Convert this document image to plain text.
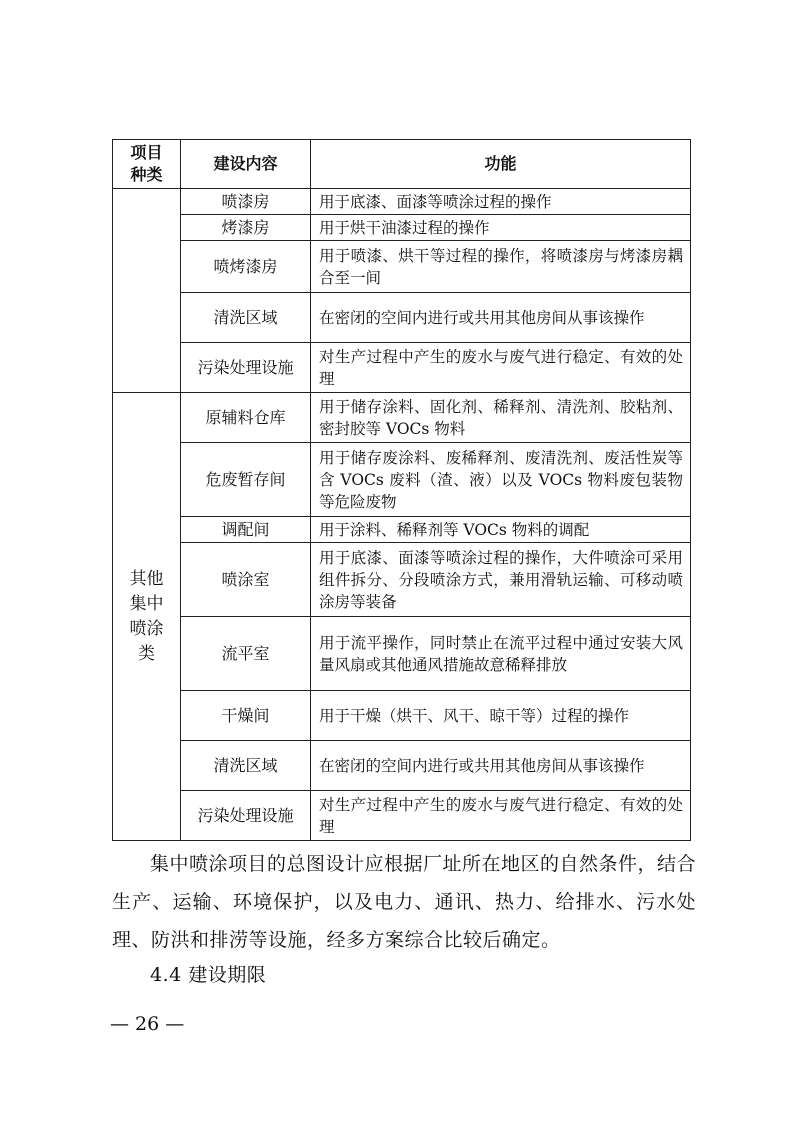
项目种类	建设内容	功能
	喷漆房	用于底漆、面漆等喷涂过程的操作
	烤漆房	用于烘干油漆过程的操作
	喷烤漆房	用于喷漆、烘干等过程的操作，将喷漆房与烤漆房耦合至一间
	清洗区域	在密闭的空间内进行或共用其他房间从事该操作
	污染处理设施	对生产过程中产生的废水与废气进行稳定、有效的处理
其他集中喷涂类	原辅料仓库	用于储存涂料、固化剂、稀释剂、清洗剂、胶粘剂、密封胶等 VOCs 物料
	危废暂存间	用于储存废涂料、废稀释剂、废清洗剂、废活性炭等含 VOCs 废料（渣、液）以及 VOCs 物料废包装物等危险废物
	调配间	用于涂料、稀释剂等 VOCs 物料的调配
	喷涂室	用于底漆、面漆等喷涂过程的操作，大件喷涂可采用组件拆分、分段喷涂方式，兼用滑轨运输、可移动喷涂房等装备
	流平室	用于流平操作，同时禁止在流平过程中通过安装大风量风扇或其他通风措施故意稀释排放
	干燥间	用于干燥（烘干、风干、晾干等）过程的操作
	清洗区域	在密闭的空间内进行或共用其他房间从事该操作
	污染处理设施	对生产过程中产生的废水与废气进行稳定、有效的处理

集中喷涂项目的总图设计应根据厂址所在地区的自然条件，结合生产、运输、环境保护，以及电力、通讯、热力、给排水、污水处理、防洪和排涝等设施，经多方案综合比较后确定。

4.4 建设期限

— 26 —
